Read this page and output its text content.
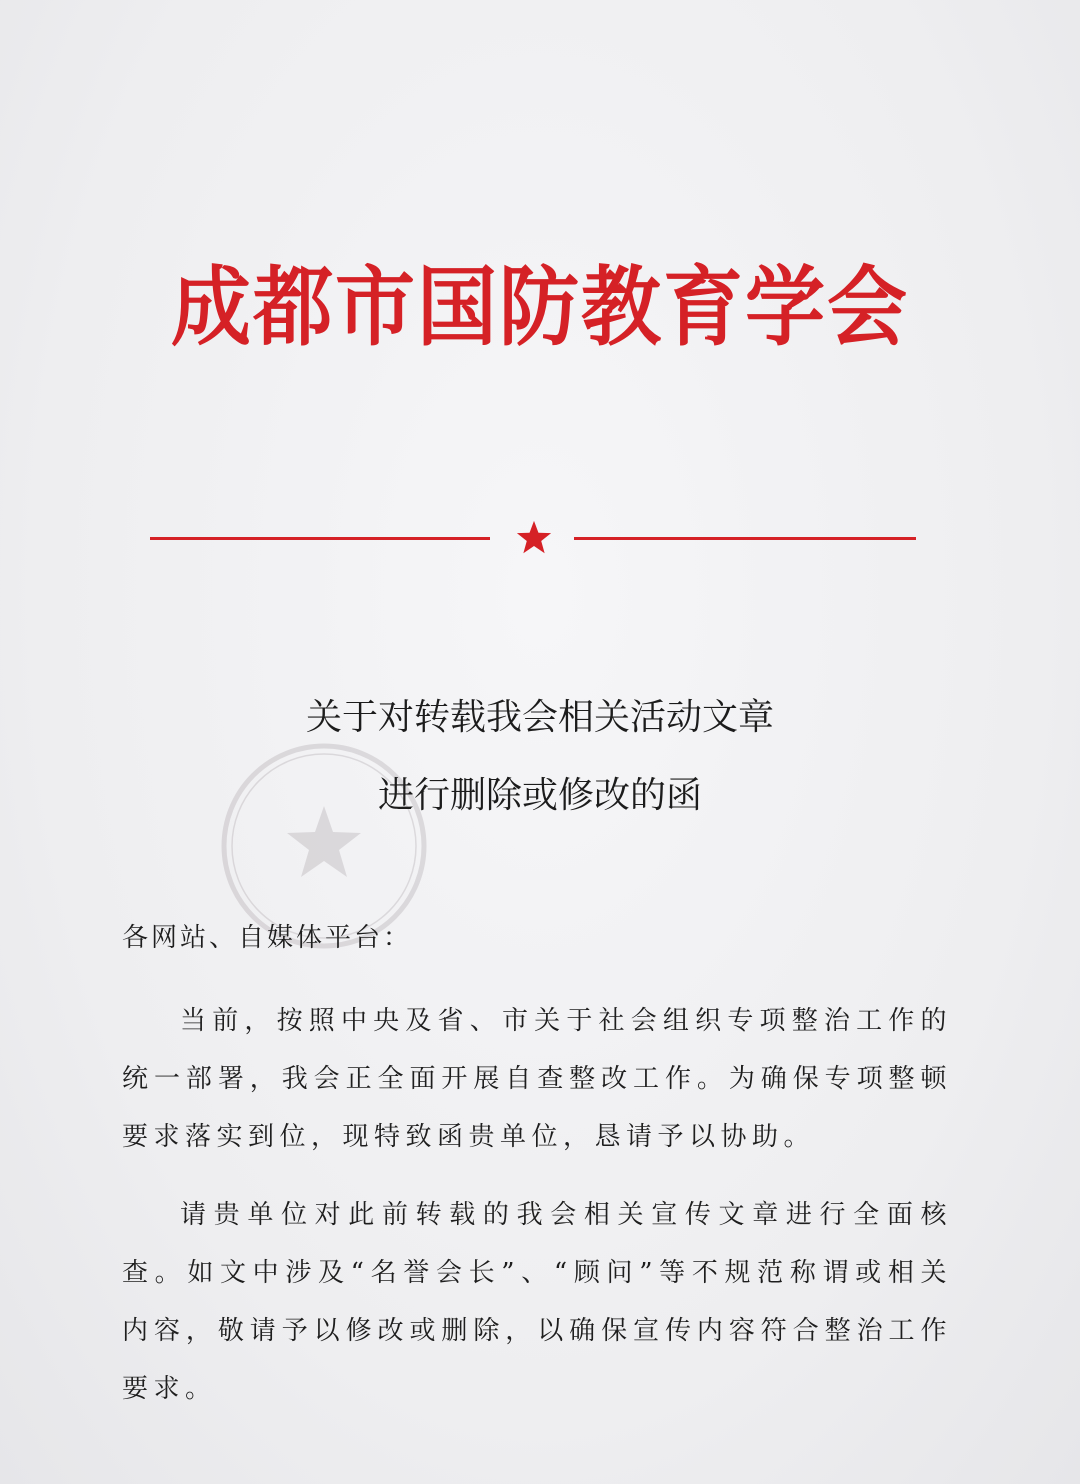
成都市国防教育学会
关于对转载我会相关活动文章
进行删除或修改的函
各网站、自媒体平台：
当前，按照中央及省、市关于社会组织专项整治工作的统一部署，我会正全面开展自查整改工作。为确保专项整顿要求落实到位，现特致函贵单位，恳请予以协助。
请贵单位对此前转载的我会相关宣传文章进行全面核查。如文中涉及“名誉会长”、“顾问”等不规范称谓或相关内容，敬请予以修改或删除，以确保宣传内容符合整治工作要求。
